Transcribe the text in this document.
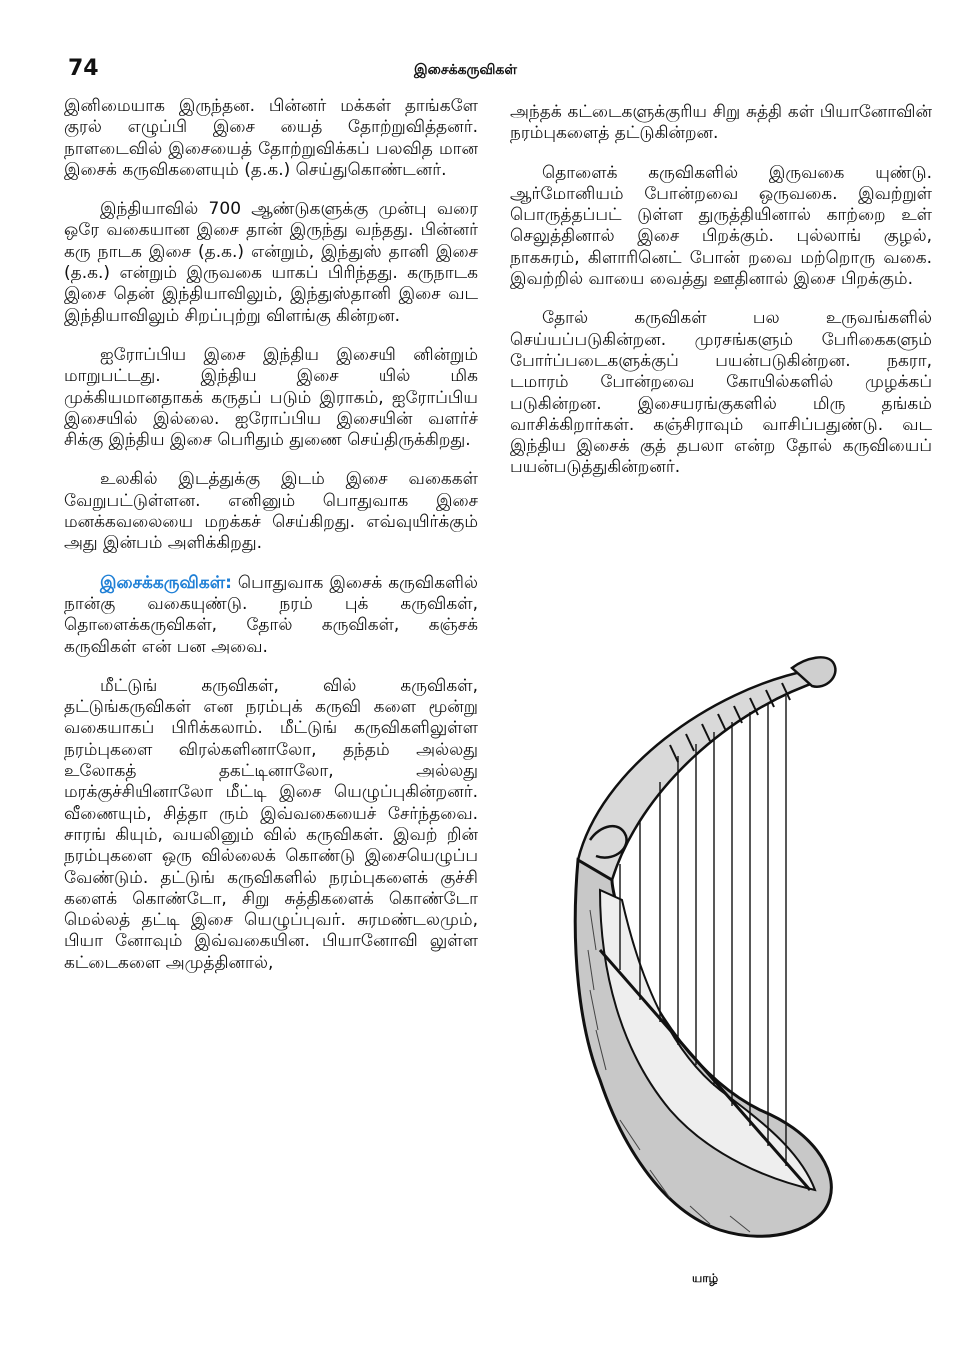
74	இசைக்கருவிகள்

இனிமையாக இருந்தன. பின்னர் மக்கள் தாங்களே குரல் எழுப்பி இசை யைத் தோற்றுவித்தனர். நாளடைவில் இசையைத் தோற்றுவிக்கப் பலவித மான இசைக் கருவிகளையும் (த.க.) செய்துகொண்டனர்.

இந்தியாவில் 700 ஆண்டுகளுக்கு முன்பு வரை ஒரே வகையான இசை தான் இருந்து வந்தது. பின்னர் கரு நாடக இசை (த.க.) என்றும், இந்துஸ் தானி இசை (த.க.) என்றும் இருவகை யாகப் பிரிந்தது. கருநாடக இசை தென் இந்தியாவிலும், இந்துஸ்தானி இசை வட இந்தியாவிலும் சிறப்புற்று விளங்கு கின்றன.

ஐரோப்பிய இசை இந்திய இசையி னின்றும் மாறுபட்டது. இந்திய இசை யில் மிக முக்கியமானதாகக் கருதப் படும் இராகம், ஐரோப்பிய இசையில் இல்லை. ஐரோப்பிய இசையின் வளர்ச் சிக்கு இந்திய இசை பெரிதும் துணை செய்திருக்கிறது.

உலகில் இடத்துக்கு இடம் இசை வகைகள் வேறுபட்டுள்ளன. எனினும் பொதுவாக இசை மனக்கவலையை மறக்கச் செய்கிறது. எவ்வுயிர்க்கும் அது இன்பம் அளிக்கிறது.

இசைக்கருவிகள்: பொதுவாக இசைக் கருவிகளில் நான்கு வகையுண்டு. நரம் புக் கருவிகள், தொளைக்கருவிகள், தோல் கருவிகள், கஞ்சக் கருவிகள் என் பன அவை.

மீட்டுங் கருவிகள், வில் கருவிகள், தட்டுங்கருவிகள் என நரம்புக் கருவி களை மூன்று வகையாகப் பிரிக்கலாம். மீட்டுங் கருவிகளிலுள்ள நரம்புகளை விரல்களினாலோ, தந்தம் அல்லது உலோகத் தகட்டினாலோ, அல்லது மரக்குச்சியினாலோ மீட்டி இசை யெழுப்புகின்றனர். வீணையும், சித்தா ரும் இவ்வகையைச் சேர்ந்தவை. சாரங் கியும், வயலினும் வில் கருவிகள். இவற் றின் நரம்புகளை ஒரு வில்லைக் கொண்டு இசையெழுப்ப வேண்டும். தட்டுங் கருவிகளில் நரம்புகளைக் குச்சி களைக் கொண்டோ, சிறு சுத்திகளைக் கொண்டோ மெல்லத் தட்டி இசை யெழுப்புவர். சுரமண்டலமும், பியா னோவும் இவ்வகையின. பியானோவி லுள்ள கட்டைகளை அமுத்தினால்,

அந்தக் கட்டைகளுக்குரிய சிறு சுத்தி கள் பியானோவின் நரம்புகளைத் தட்டுகின்றன.

தொளைக் கருவிகளில் இருவகை யுண்டு. ஆர்மோனியம் போன்றவை ஒருவகை. இவற்றுள் பொருத்தப்பட் டுள்ள துருத்தியினால் காற்றை உள் செலுத்தினால் இசை பிறக்கும். புல்லாங் குழல், நாகசுரம், கிளாரினெட் போன் றவை மற்றொரு வகை. இவற்றில் வாயை வைத்து ஊதினால் இசை பிறக்கும்.

தோல் கருவிகள் பல உருவங்களில் செய்யப்படுகின்றன. முரசங்களும் பேரிகைகளும் போர்ப்படைகளுக்குப் பயன்படுகின்றன. நகரா, டமாரம் போன்றவை கோயில்களில் முழக்கப் படுகின்றன. இசையரங்குகளில் மிரு தங்கம் வாசிக்கிறார்கள். கஞ்சிராவும் வாசிப்பதுண்டு. வட இந்திய இசைக் குத் தபலா என்ற தோல் கருவியைப் பயன்படுத்துகின்றனர்.

யாழ்
